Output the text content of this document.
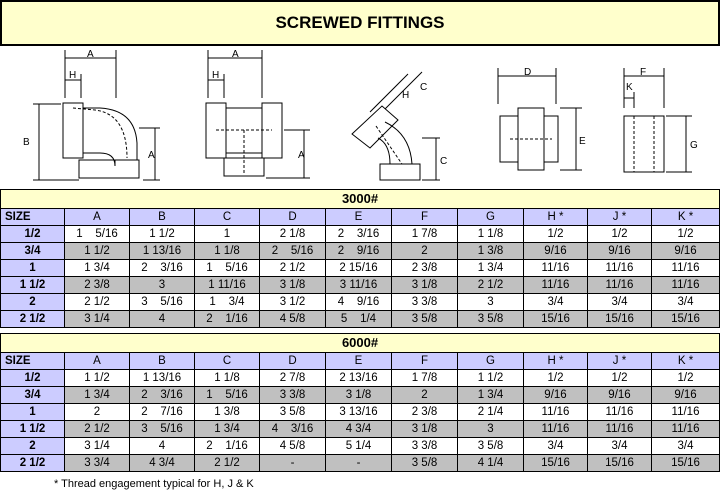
SCREWED FITTINGS
A
H
B
A
A
H
A
C
H
C
D
E
F
K
G
3000#										
SIZE	A	B	C	D	E	F	G	H *	J *	K *
1/2	1    5/16	1 1/2	1	2 1/8	2    3/16	1 7/8	1 1/8	1/2	1/2	1/2
3/4	1 1/2	1 13/16	1 1/8	2    5/16	2    9/16	2	1 3/8	9/16	9/16	9/16
1	1 3/4	2    3/16	1    5/16	2 1/2	2 15/16	2 3/8	1 3/4	11/16	11/16	11/16
1 1/2	2 3/8	3	1 11/16	3 1/8	3 11/16	3 1/8	2 1/2	11/16	11/16	11/16
2	2 1/2	3    5/16	1    3/4	3 1/2	4    9/16	3 3/8	3	3/4	3/4	3/4
2 1/2	3 1/4	4	2    1/16	4 5/8	5    1/4	3 5/8	3 5/8	15/16	15/16	15/16
6000#										
SIZE	A	B	C	D	E	F	G	H *	J *	K *
1/2	1 1/2	1 13/16	1 1/8	2 7/8	2 13/16	1 7/8	1 1/2	1/2	1/2	1/2
3/4	1 3/4	2    3/16	1    5/16	3 3/8	3 1/8	2	1 3/4	9/16	9/16	9/16
1	2	2    7/16	1 3/8	3 5/8	3 13/16	2 3/8	2 1/4	11/16	11/16	11/16
1 1/2	2 1/2	3    5/16	1 3/4	4    3/16	4 3/4	3 1/8	3	11/16	11/16	11/16
2	3 1/4	4	2    1/16	4 5/8	5 1/4	3 3/8	3 5/8	3/4	3/4	3/4
2 1/2	3 3/4	4 3/4	2 1/2	-	-	3 5/8	4 1/4	15/16	15/16	15/16
* Thread engagement typical for H, J & K
